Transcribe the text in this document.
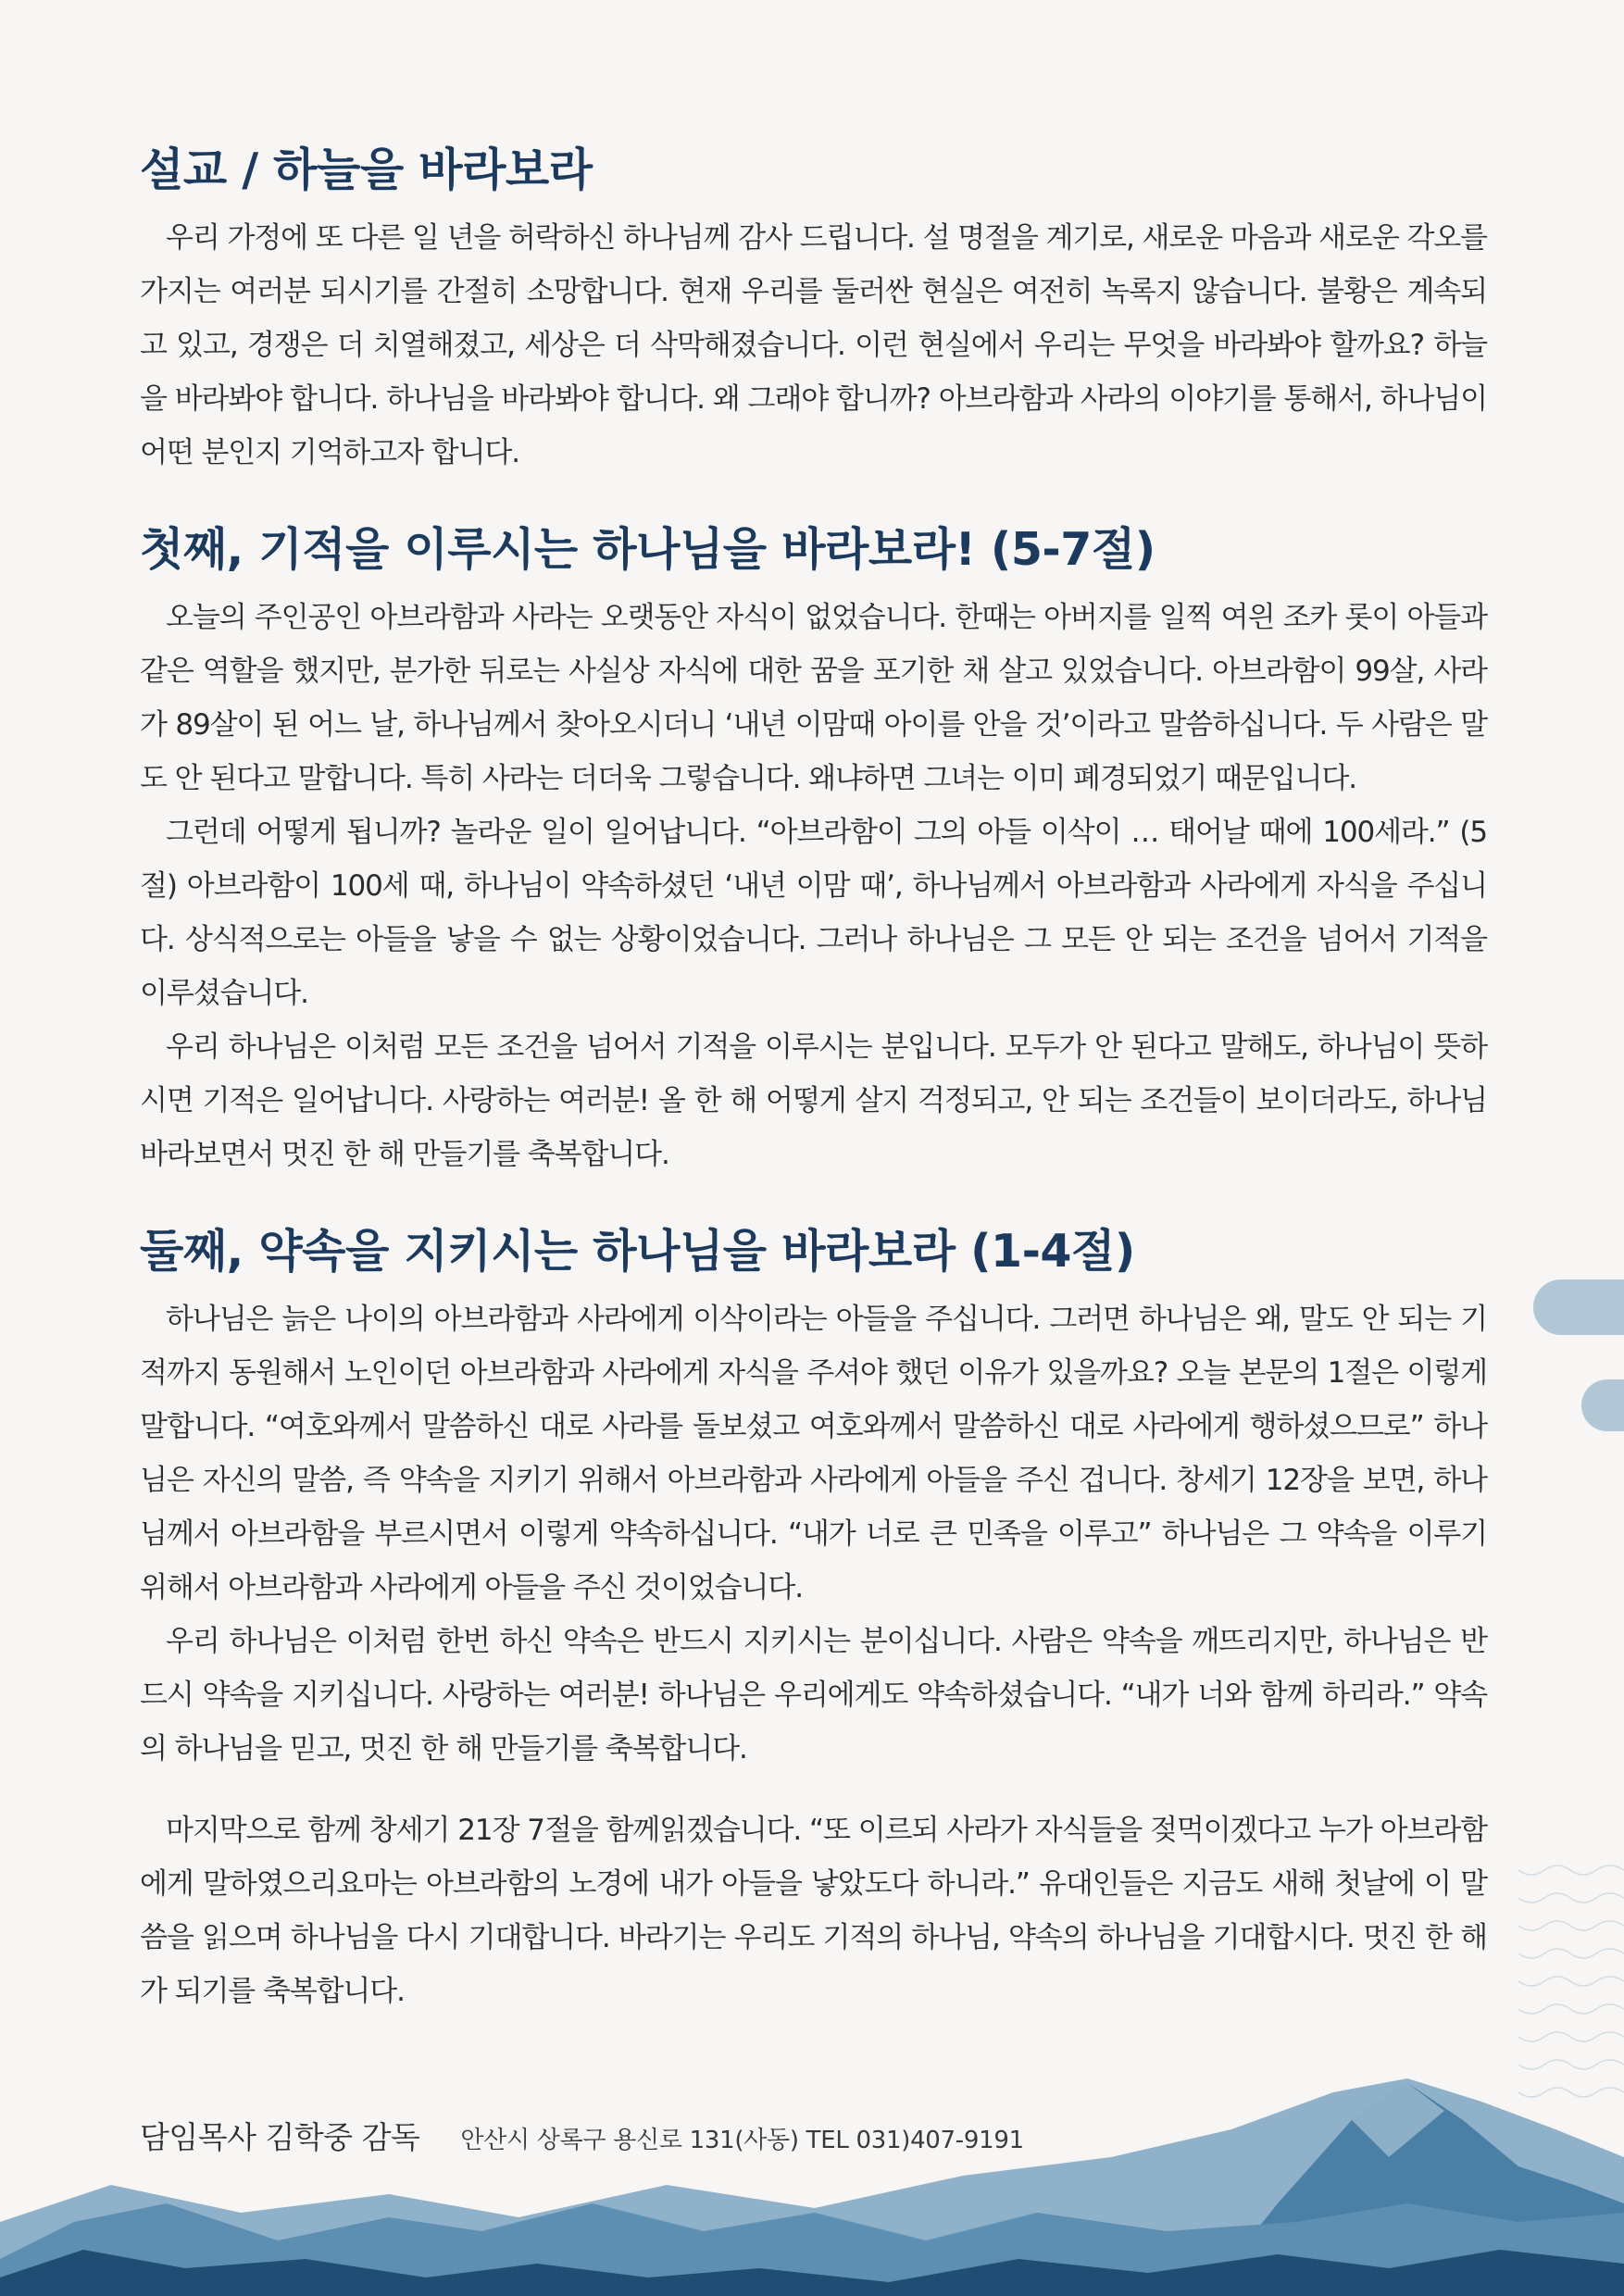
설교 / 하늘을 바라보라

우리 가정에 또 다른 일 년을 허락하신 하나님께 감사 드립니다. 설 명절을 계기로, 새로운 마음과 새로운 각오를 가지는 여러분 되시기를 간절히 소망합니다. 현재 우리를 둘러싼 현실은 여전히 녹록지 않습니다. 불황은 계속되고 있고, 경쟁은 더 치열해졌고, 세상은 더 삭막해졌습니다. 이런 현실에서 우리는 무엇을 바라봐야 할까요? 하늘을 바라봐야 합니다. 하나님을 바라봐야 합니다. 왜 그래야 합니까? 아브라함과 사라의 이야기를 통해서, 하나님이 어떤 분인지 기억하고자 합니다.

첫째, 기적을 이루시는 하나님을 바라보라! (5-7절)

오늘의 주인공인 아브라함과 사라는 오랫동안 자식이 없었습니다. 한때는 아버지를 일찍 여읜 조카 롯이 아들과 같은 역할을 했지만, 분가한 뒤로는 사실상 자식에 대한 꿈을 포기한 채 살고 있었습니다. 아브라함이 99살, 사라가 89살이 된 어느 날, 하나님께서 찾아오시더니 ‘내년 이맘때 아이를 안을 것’이라고 말씀하십니다. 두 사람은 말도 안 된다고 말합니다. 특히 사라는 더더욱 그렇습니다. 왜냐하면 그녀는 이미 폐경되었기 때문입니다.

그런데 어떻게 됩니까? 놀라운 일이 일어납니다. “아브라함이 그의 아들 이삭이 … 태어날 때에 100세라.” (5절) 아브라함이 100세 때, 하나님이 약속하셨던 ‘내년 이맘 때’, 하나님께서 아브라함과 사라에게 자식을 주십니다. 상식적으로는 아들을 낳을 수 없는 상황이었습니다. 그러나 하나님은 그 모든 안 되는 조건을 넘어서 기적을 이루셨습니다.

우리 하나님은 이처럼 모든 조건을 넘어서 기적을 이루시는 분입니다. 모두가 안 된다고 말해도, 하나님이 뜻하시면 기적은 일어납니다. 사랑하는 여러분! 올 한 해 어떻게 살지 걱정되고, 안 되는 조건들이 보이더라도, 하나님 바라보면서 멋진 한 해 만들기를 축복합니다.

둘째, 약속을 지키시는 하나님을 바라보라 (1-4절)

하나님은 늙은 나이의 아브라함과 사라에게 이삭이라는 아들을 주십니다. 그러면 하나님은 왜, 말도 안 되는 기적까지 동원해서 노인이던 아브라함과 사라에게 자식을 주셔야 했던 이유가 있을까요? 오늘 본문의 1절은 이렇게 말합니다. “여호와께서 말씀하신 대로 사라를 돌보셨고 여호와께서 말씀하신 대로 사라에게 행하셨으므로” 하나님은 자신의 말씀, 즉 약속을 지키기 위해서 아브라함과 사라에게 아들을 주신 겁니다. 창세기 12장을 보면, 하나님께서 아브라함을 부르시면서 이렇게 약속하십니다. “내가 너로 큰 민족을 이루고” 하나님은 그 약속을 이루기 위해서 아브라함과 사라에게 아들을 주신 것이었습니다.

우리 하나님은 이처럼 한번 하신 약속은 반드시 지키시는 분이십니다. 사람은 약속을 깨뜨리지만, 하나님은 반드시 약속을 지키십니다. 사랑하는 여러분! 하나님은 우리에게도 약속하셨습니다. “내가 너와 함께 하리라.” 약속의 하나님을 믿고, 멋진 한 해 만들기를 축복합니다.

마지막으로 함께 창세기 21장 7절을 함께읽겠습니다. “또 이르되 사라가 자식들을 젖먹이겠다고 누가 아브라함에게 말하였으리요마는 아브라함의 노경에 내가 아들을 낳았도다 하니라.” 유대인들은 지금도 새해 첫날에 이 말씀을 읽으며 하나님을 다시 기대합니다. 바라기는 우리도 기적의 하나님, 약속의 하나님을 기대합시다. 멋진 한 해가 되기를 축복합니다.

담임목사 김학중 감독 안산시 상록구 용신로 131(사동) TEL 031)407-9191
